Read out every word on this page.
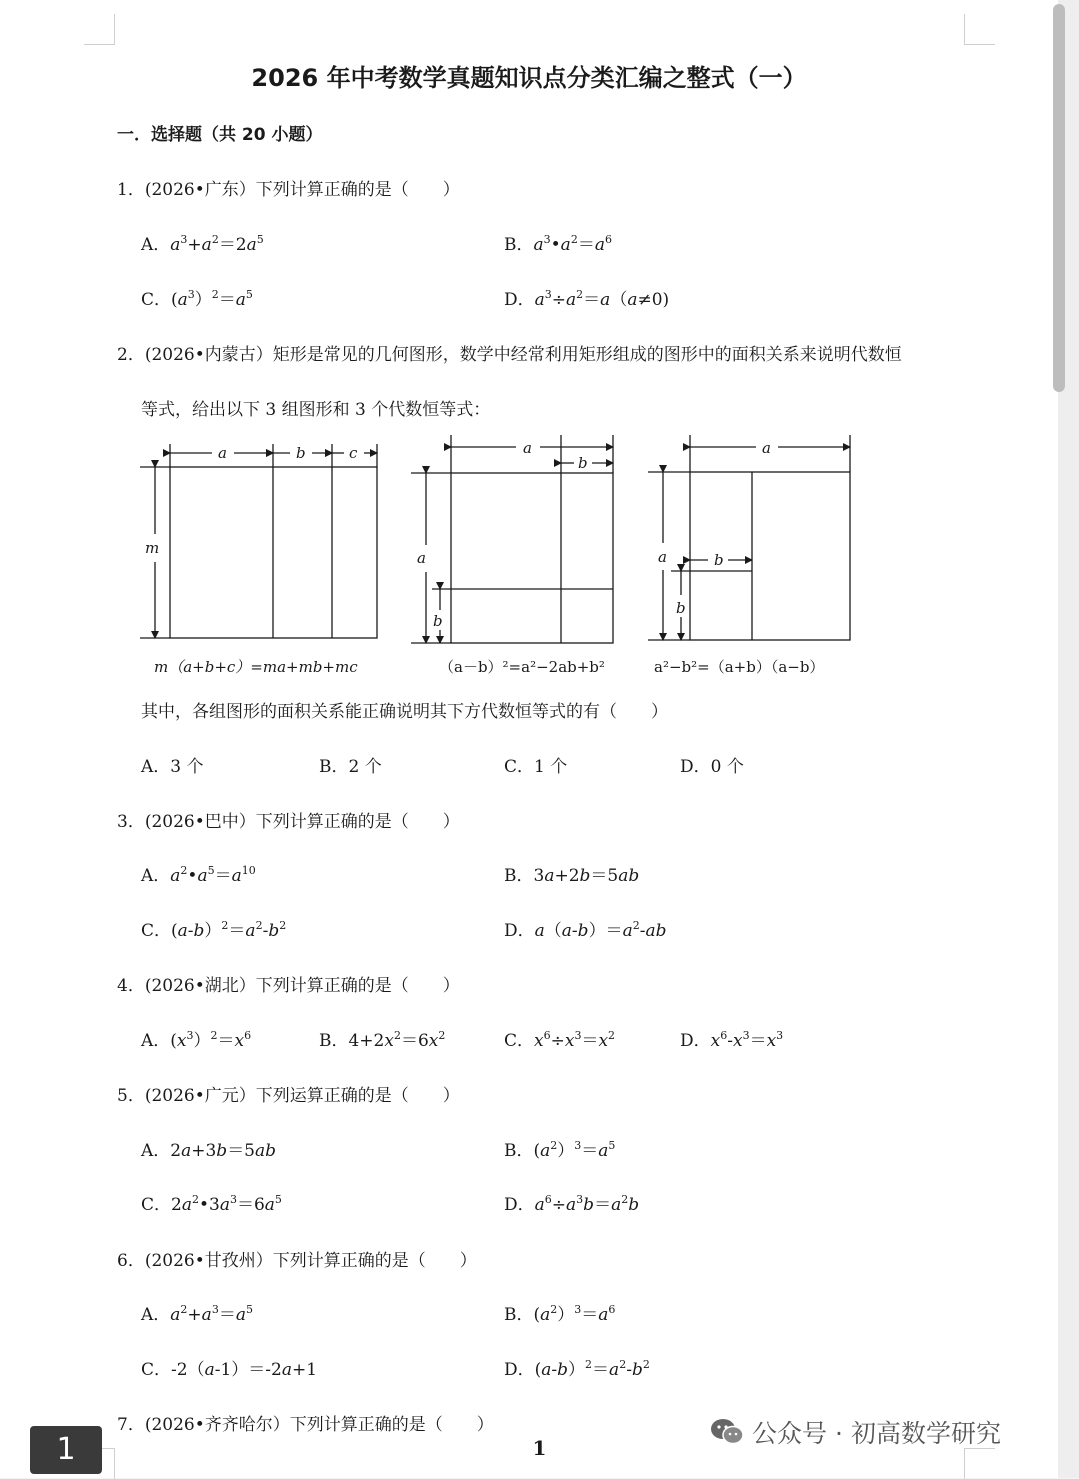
2026 年中考数学真题知识点分类汇编之整式（一）
一．选择题（共 20 小题）
1．(2026•广东）下列计算正确的是（　　）
A．$a^3+a^2=2a^5$	B．$a^3•a^2=a^6$
C．$(a^3)^2=a^5$	D．$a^3\div a^2=a(a\ne 0)$
2．(2026•内蒙古）矩形是常见的几何图形，数学中经常利用矩形组成的图形中的面积关系来说明代数恒
等式，给出以下 3 组图形和 3 个代数恒等式：
a	b	c
m
a
b
a
b
a
b
a
b
m（a+b+c）=ma+mb+mc	（a－b）²=a²−2ab+b²	a²−b²=（a+b）（a−b）
其中，各组图形的面积关系能正确说明其下方代数恒等式的有（　　）
A．3 个	B．2 个	C．1 个	D．0 个
3．(2026•巴中）下列计算正确的是（　　）
A．$a^2•a^5=a^{10}$	B．3a+2b＝5ab
C．$(a-b)^2=a^2-b^2$	D．$a(a-b)=a^2-ab$
4．(2026•湖北）下列计算正确的是（　　）
A．$(x^3)^2=x^6$	B．$4+2x^2=6x^2$	C．$x^6\div x^3=x^2$	D．$x^6-x^3=x^3$
5．(2026•广元）下列运算正确的是（　　）
A．2a+3b＝5ab	B．$(a^2)^3=a^5$
C．$2a^2•3a^3=6a^5$	D．$a^6\div a^3b=a^2b$
6．(2026•甘孜州）下列计算正确的是（　　）
A．$a^2+a^3=a^5$	B．$(a^2)^3=a^6$
C．-2（a-1）＝-2a+1	D．$(a-b)^2=a^2-b^2$
7．(2026•齐齐哈尔）下列计算正确的是（　　）
1
1	公众号 · 初高数学研究
